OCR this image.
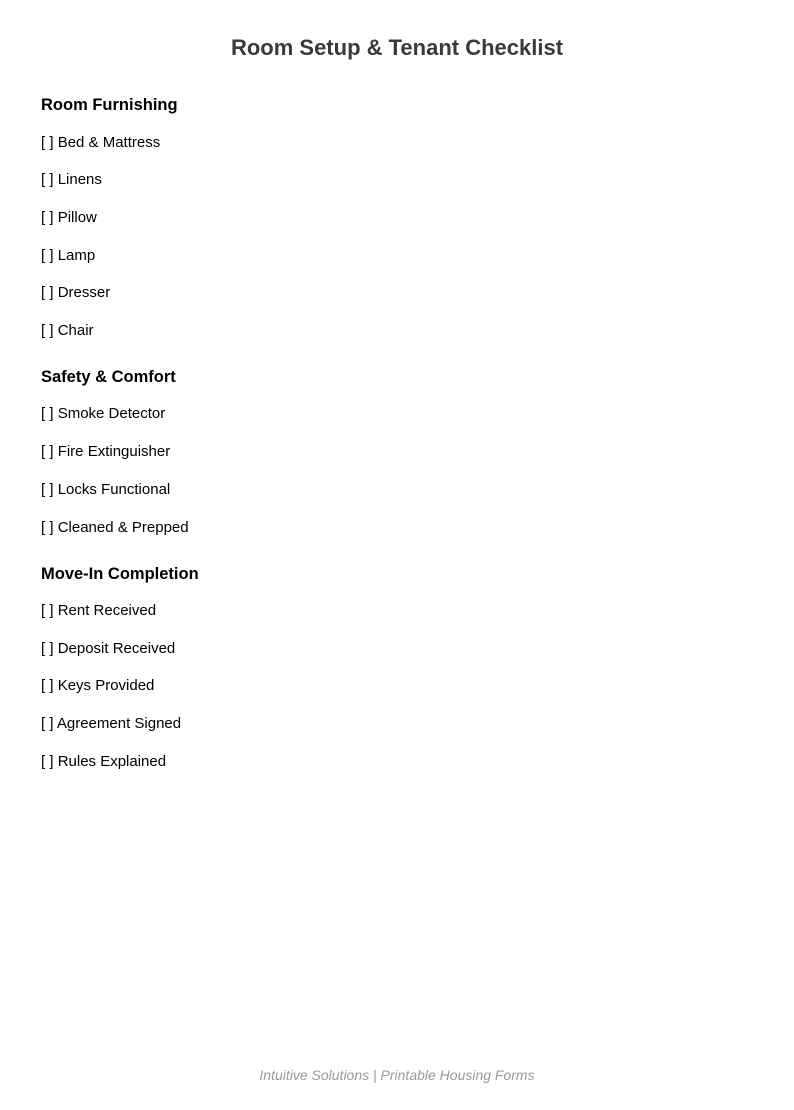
Room Setup & Tenant Checklist
Room Furnishing
[ ] Bed & Mattress
[ ] Linens
[ ] Pillow
[ ] Lamp
[ ] Dresser
[ ] Chair
Safety & Comfort
[ ] Smoke Detector
[ ] Fire Extinguisher
[ ] Locks Functional
[ ] Cleaned & Prepped
Move-In Completion
[ ] Rent Received
[ ] Deposit Received
[ ] Keys Provided
[ ] Agreement Signed
[ ] Rules Explained
Intuitive Solutions | Printable Housing Forms
